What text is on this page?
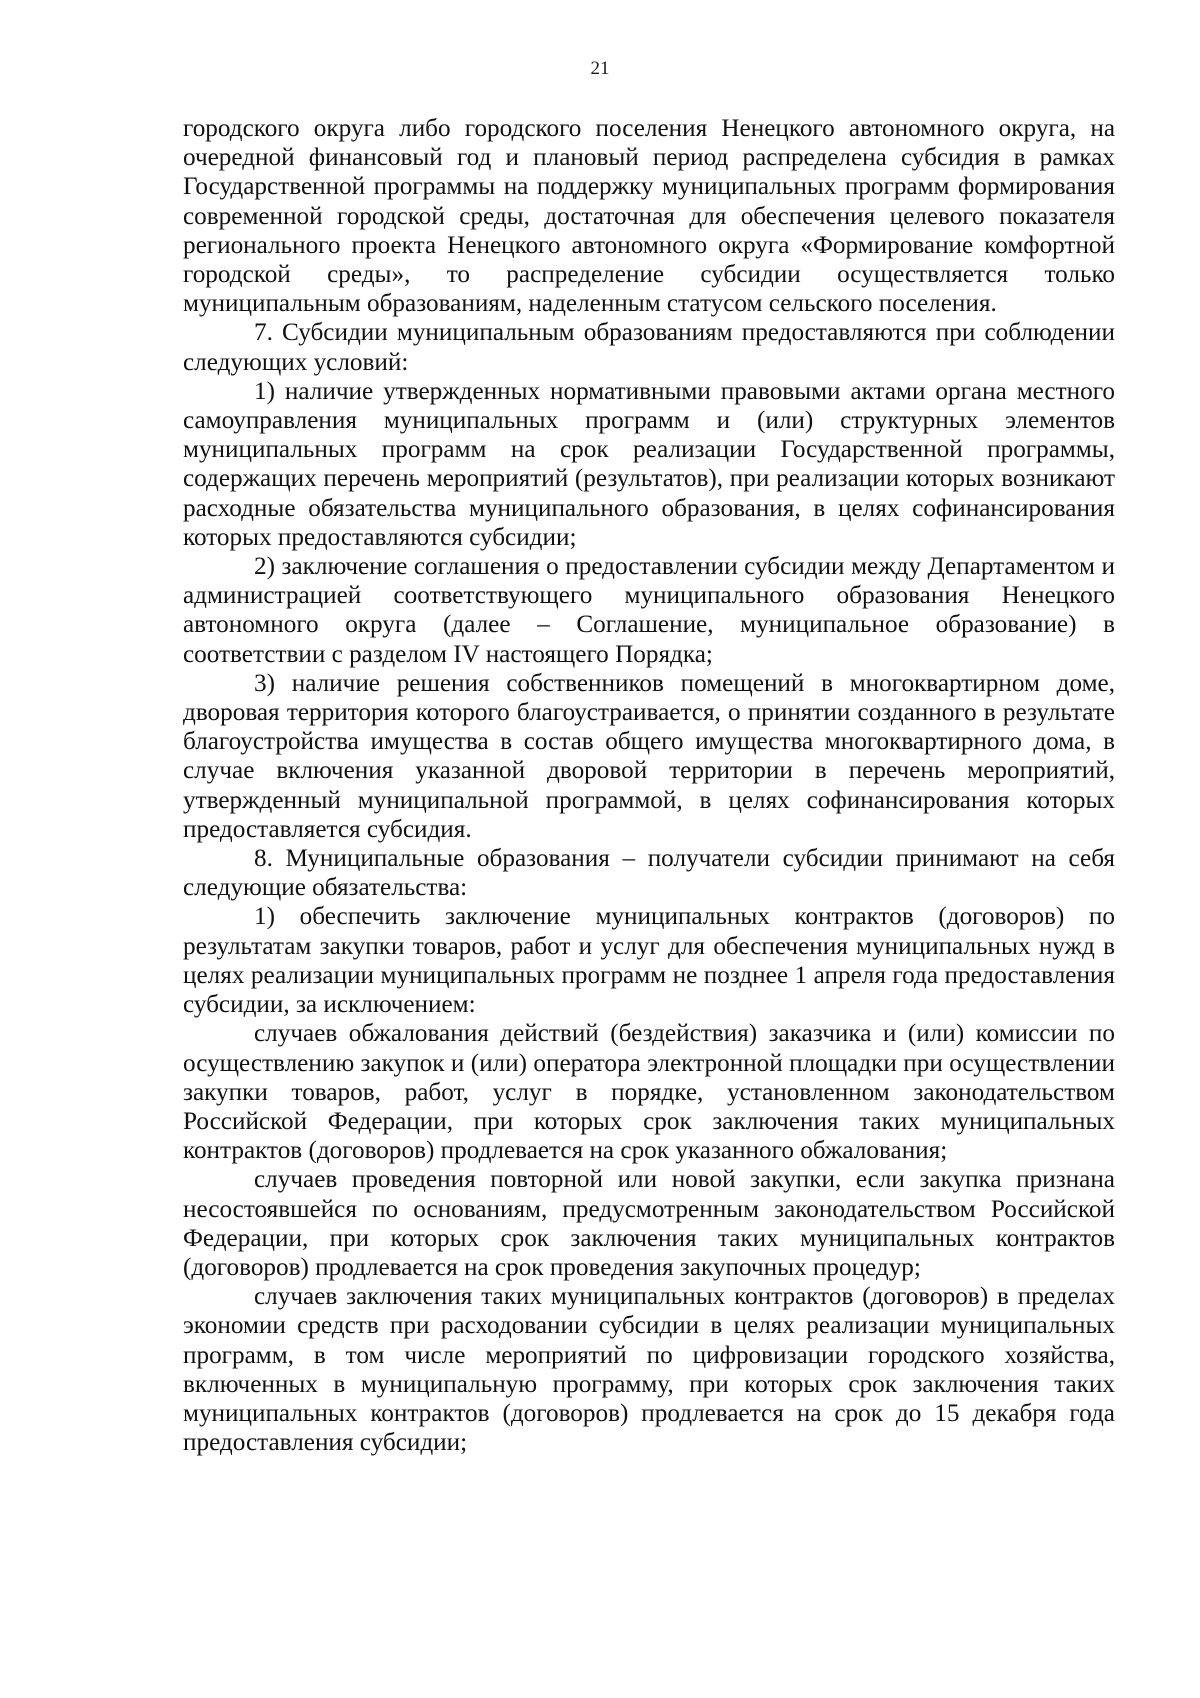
21

городского округа либо городского поселения Ненецкого автономного округа, на очередной финансовый год и плановый период распределена субсидия в рамках Государственной программы на поддержку муниципальных программ формирования современной городской среды, достаточная для обеспечения целевого показателя регионального проекта Ненецкого автономного округа «Формирование комфортной городской среды», то распределение субсидии осуществляется только муниципальным образованиям, наделенным статусом сельского поселения.

7. Субсидии муниципальным образованиям предоставляются при соблюдении следующих условий:

1) наличие утвержденных нормативными правовыми актами органа местного самоуправления муниципальных программ и (или) структурных элементов муниципальных программ на срок реализации Государственной программы, содержащих перечень мероприятий (результатов), при реализации которых возникают расходные обязательства муниципального образования, в целях софинансирования которых предоставляются субсидии;

2) заключение соглашения о предоставлении субсидии между Департаментом и администрацией соответствующего муниципального образования Ненецкого автономного округа (далее – Соглашение, муниципальное образование) в соответствии с разделом IV настоящего Порядка;

3) наличие решения собственников помещений в многоквартирном доме, дворовая территория которого благоустраивается, о принятии созданного в результате благоустройства имущества в состав общего имущества многоквартирного дома, в случае включения указанной дворовой территории в перечень мероприятий, утвержденный муниципальной программой, в целях софинансирования которых предоставляется субсидия.

8. Муниципальные образования – получатели субсидии принимают на себя следующие обязательства:

1) обеспечить заключение муниципальных контрактов (договоров) по результатам закупки товаров, работ и услуг для обеспечения муниципальных нужд в целях реализации муниципальных программ не позднее 1 апреля года предоставления субсидии, за исключением:

случаев обжалования действий (бездействия) заказчика и (или) комиссии по осуществлению закупок и (или) оператора электронной площадки при осуществлении закупки товаров, работ, услуг в порядке, установленном законодательством Российской Федерации, при которых срок заключения таких муниципальных контрактов (договоров) продлевается на срок указанного обжалования;

случаев проведения повторной или новой закупки, если закупка признана несостоявшейся по основаниям, предусмотренным законодательством Российской Федерации, при которых срок заключения таких муниципальных контрактов (договоров) продлевается на срок проведения закупочных процедур;

случаев заключения таких муниципальных контрактов (договоров) в пределах экономии средств при расходовании субсидии в целях реализации муниципальных программ, в том числе мероприятий по цифровизации городского хозяйства, включенных в муниципальную программу, при которых срок заключения таких муниципальных контрактов (договоров) продлевается на срок до 15 декабря года предоставления субсидии;
